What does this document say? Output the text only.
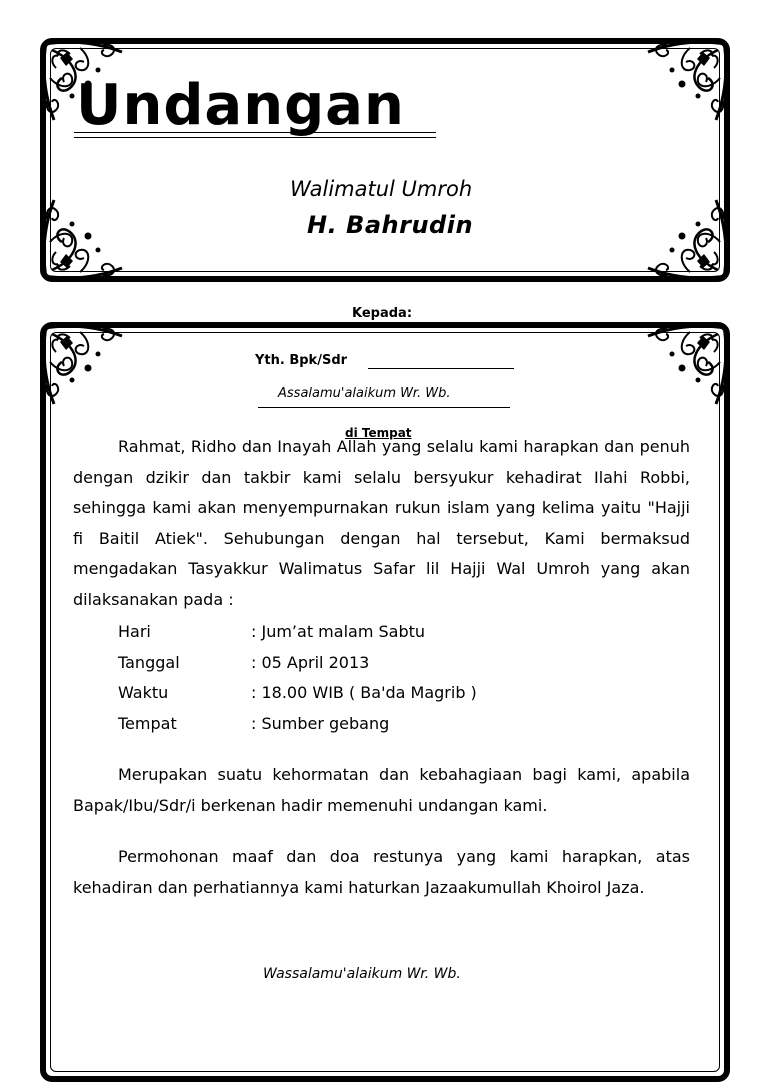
Undangan

Walimatul Umroh

H. Bahrudin

Kepada:
Yth. Bpk/Sdr
Assalamu'alaikum Wr. Wb.
di Tempat

Rahmat, Ridho dan Inayah Allah yang selalu kami harapkan dan penuh dengan dzikir dan takbir kami selalu bersyukur kehadirat Ilahi Robbi, sehingga kami akan menyempurnakan rukun islam yang kelima yaitu "Hajji fi Baitil Atiek". Sehubungan dengan hal tersebut, Kami bermaksud mengadakan Tasyakkur Walimatus Safar lil Hajji Wal Umroh yang akan dilaksanakan pada :

Hari	: Jum’at malam Sabtu
Tanggal	: 05 April 2013
Waktu	: 18.00 WIB ( Ba'da Magrib )
Tempat	: Sumber gebang

Merupakan suatu kehormatan dan kebahagiaan bagi kami, apabila Bapak/Ibu/Sdr/i berkenan hadir memenuhi undangan kami.

Permohonan maaf dan doa restunya yang kami harapkan, atas kehadiran dan perhatiannya kami haturkan Jazaakumullah Khoirol Jaza.

Wassalamu'alaikum Wr. Wb.
